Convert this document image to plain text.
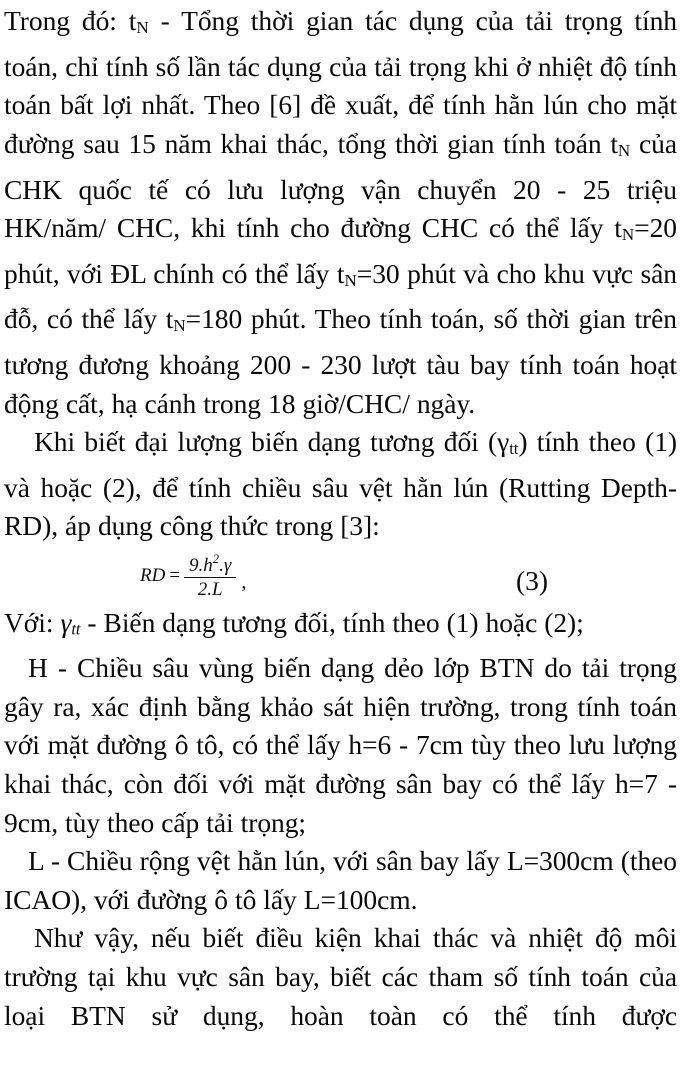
Trong đó: $t_N$ - Tổng thời gian tác dụng của tải trọng tính toán, chỉ tính số lần tác dụng của tải trọng khi ở nhiệt độ tính toán bất lợi nhất. Theo [6] đề xuất, để tính hằn lún cho mặt đường sau 15 năm khai thác, tổng thời gian tính toán $t_N$ của CHK quốc tế có lưu lượng vận chuyển 20 - 25 triệu HK/năm/ CHC, khi tính cho đường CHC có thể lấy $t_N=20$ phút, với ĐL chính có thể lấy $t_N=30$ phút và cho khu vực sân đỗ, có thể lấy $t_N=180$ phút. Theo tính toán, số thời gian trên tương đương khoảng 200 - 230 lượt tàu bay tính toán hoạt động cất, hạ cánh trong 18 giờ/CHC/ ngày.

Khi biết đại lượng biến dạng tương đối (γtt) tính theo (1) và hoặc (2), để tính chiều sâu vệt hằn lún (Rutting Depth-RD), áp dụng công thức trong [3]:

RD = $\frac{9.h^2.\gamma}{2.L}$ ,	(3)

Với: $\gamma_{tt}$ - Biến dạng tương đối, tính theo (1) hoặc (2);

H - Chiều sâu vùng biến dạng dẻo lớp BTN do tải trọng gây ra, xác định bằng khảo sát hiện trường, trong tính toán với mặt đường ô tô, có thể lấy h=6 - 7cm tùy theo lưu lượng khai thác, còn đối với mặt đường sân bay có thể lấy h=7 - 9cm, tùy theo cấp tải trọng;

L - Chiều rộng vệt hằn lún, với sân bay lấy L=300cm (theo ICAO), với đường ô tô lấy L=100cm.

Như vậy, nếu biết điều kiện khai thác và nhiệt độ môi trường tại khu vực sân bay, biết các tham số tính toán của loại BTN sử dụng, hoàn toàn có thể tính được
